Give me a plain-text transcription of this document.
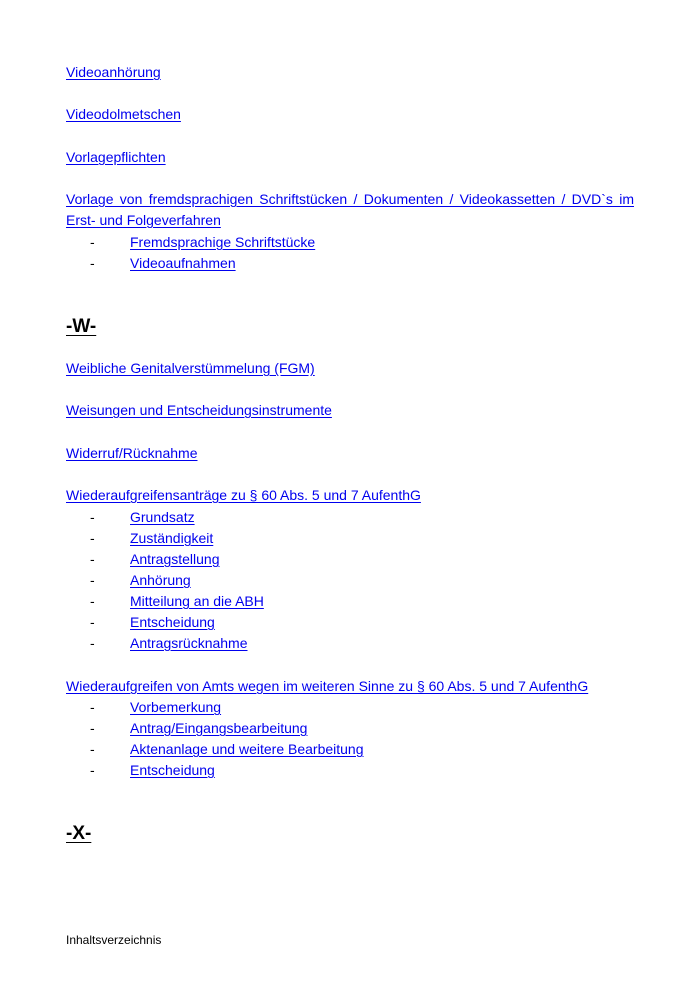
Videoanhörung
Videodolmetschen
Vorlagepflichten
Vorlage von fremdsprachigen Schriftstücken / Dokumenten / Videokassetten / DVD`s im Erst- und Folgeverfahren
-	Fremdsprachige Schriftstücke
-	Videoaufnahmen
-W-
Weibliche Genitalverstümmelung (FGM)
Weisungen und Entscheidungsinstrumente
Widerruf/Rücknahme
Wiederaufgreifensanträge zu § 60 Abs. 5 und 7 AufenthG
-	Grundsatz
-	Zuständigkeit
-	Antragstellung
-	Anhörung
-	Mitteilung an die ABH
-	Entscheidung
-	Antragsrücknahme
Wiederaufgreifen von Amts wegen im weiteren Sinne zu § 60 Abs. 5 und 7 AufenthG
-	Vorbemerkung
-	Antrag/Eingangsbearbeitung
-	Aktenanlage und weitere Bearbeitung
-	Entscheidung
-X-
Inhaltsverzeichnis
